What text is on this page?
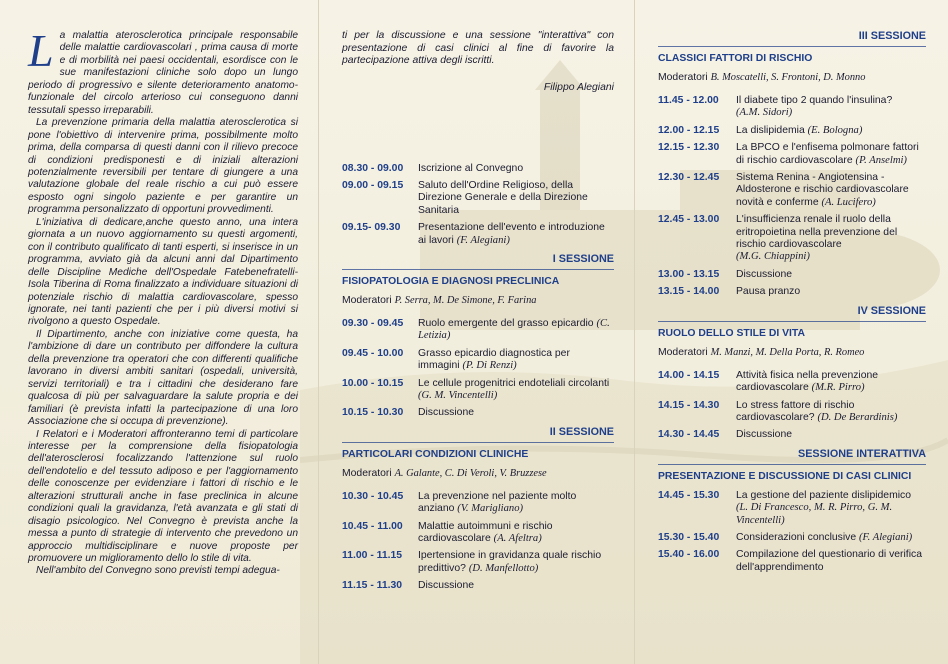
L a malattia aterosclerotica principale responsabile delle malattie cardiovascolari , prima causa di morte e di morbilità nei paesi occidentali, esordisce con le sue manifestazioni cliniche solo dopo un lungo periodo di progressivo e silente deterioramento anatomo-funzionale del circolo arterioso cui conseguono danni tessutali spesso irreparabili.

La prevenzione primaria della malattia aterosclerotica si pone l'obiettivo di intervenire prima, possibilmente molto prima, della comparsa di questi danni con il rilievo precoce di condizioni predisponesti e di iniziali alterazioni potenzialmente reversibili per tentare di giungere a una valutazione globale del reale rischio a cui può essere esposto ogni singolo paziente e per garantire un programma personalizzato di opportuni provvedimenti.

L'iniziativa di dedicare,anche questo anno, una intera giornata a un nuovo aggiornamento su questi argomenti, con il contributo qualificato di tanti esperti, si inserisce in un programma, avviato già da alcuni anni dal Dipartimento delle Discipline Mediche dell'Ospedale Fatebenefratelli-Isola Tiberina di Roma finalizzato a individuare situazioni di potenziale rischio di malattia cardiovascolare, spesso ignorate, nei tanti pazienti che per i più diversi motivi si rivolgono a questo Ospedale.

Il Dipartimento, anche con iniziative come questa, ha l'ambizione di dare un contributo per diffondere la cultura della prevenzione tra operatori che con differenti qualifiche lavorano in diversi ambiti sanitari (ospedali, università, servizi territoriali) e tra i cittadini che desiderano fare qualcosa di più per salvaguardare la salute propria e dei familiari (è prevista infatti la partecipazione di una loro Associazione che si occupa di prevenzione).

I Relatori e i Moderatori affronteranno temi di particolare interesse per la comprensione della fisiopatologia dell'aterosclerosi focalizzando l'attenzione sul ruolo dell'endotelio e del tessuto adiposo e per l'aggiornamento delle conoscenze per evidenziare i fattori di rischio e le alterazioni strutturali anche in fase preclinica in alcune condizioni quali la gravidanza, l'età avanzata e gli stati di disagio psicologico. Nel Convegno è prevista anche la messa a punto di strategie di intervento che prevedono un approccio multidisciplinare e nuove proposte per promuovere un miglioramento dello lo stile di vita.

Nell'ambito del Convegno sono previsti tempi adegua-

ti per la discussione e una sessione "interattiva" con presentazione di casi clinici al fine di favorire la partecipazione attiva degli iscritti.

Filippo Alegiani

08.30 - 09.00	Iscrizione al Convegno
09.00 - 09.15	Saluto dell'Ordine Religioso, della Direzione Generale e della Direzione Sanitaria
09.15- 09.30	Presentazione dell'evento e introduzione ai lavori (F. Alegiani)
I SESSIONE
FISIOPATOLOGIA E DIAGNOSI PRECLINICA
Moderatori P. Serra, M. De Simone, F. Farina
09.30 - 09.45	Ruolo emergente del grasso epicardio (C. Letizia)
09.45 - 10.00	Grasso epicardio diagnostica per immagini (P. Di Renzi)
10.00 - 10.15	Le cellule progenitrici endoteliali circolanti (G. M. Vincentelli)
10.15 - 10.30	Discussione
II SESSIONE
PARTICOLARI CONDIZIONI CLINICHE
Moderatori A. Galante, C. Di Veroli, V. Bruzzese
10.30 - 10.45	La prevenzione nel paziente molto anziano (V. Marigliano)
10.45 - 11.00	Malattie autoimmuni e rischio cardiovascolare (A. Afeltra)
11.00 - 11.15	Ipertensione in gravidanza quale rischio predittivo? (D. Manfellotto)
11.15 - 11.30	Discussione
III SESSIONE
CLASSICI FATTORI DI RISCHIO
Moderatori B. Moscatelli, S. Frontoni, D. Monno
11.45 - 12.00	Il diabete tipo 2 quando l'insulina?
(A.M. Sidori)
12.00 - 12.15	La dislipidemia (E. Bologna)
12.15 - 12.30	La BPCO e l'enfisema polmonare fattori di rischio cardiovascolare (P. Anselmi)
12.30 - 12.45	Sistema Renina - Angiotensina - Aldosterone e rischio cardiovascolare novità e conferme (A. Lucifero)
12.45 - 13.00	L'insufficienza renale il ruolo della eritropoietina nella prevenzione del rischio cardiovascolare
(M.G. Chiappini)
13.00 - 13.15	Discussione
13.15 - 14.00	Pausa pranzo
IV SESSIONE
RUOLO DELLO STILE DI VITA
Moderatori M. Manzi, M. Della Porta, R. Romeo
14.00 - 14.15	Attività fisica nella prevenzione cardiovascolare (M.R. Pirro)
14.15 - 14.30	Lo stress fattore di rischio cardiovascolare? (D. De Berardinis)
14.30 - 14.45	Discussione
SESSIONE INTERATTIVA
PRESENTAZIONE E DISCUSSIONE DI CASI CLINICI
14.45 - 15.30	La gestione del paziente dislipidemico
(L. Di Francesco, M. R. Pirro, G. M. Vincentelli)
15.30 - 15.40	Considerazioni conclusive (F. Alegiani)
15.40 - 16.00	Compilazione del questionario di verifica dell'apprendimento
